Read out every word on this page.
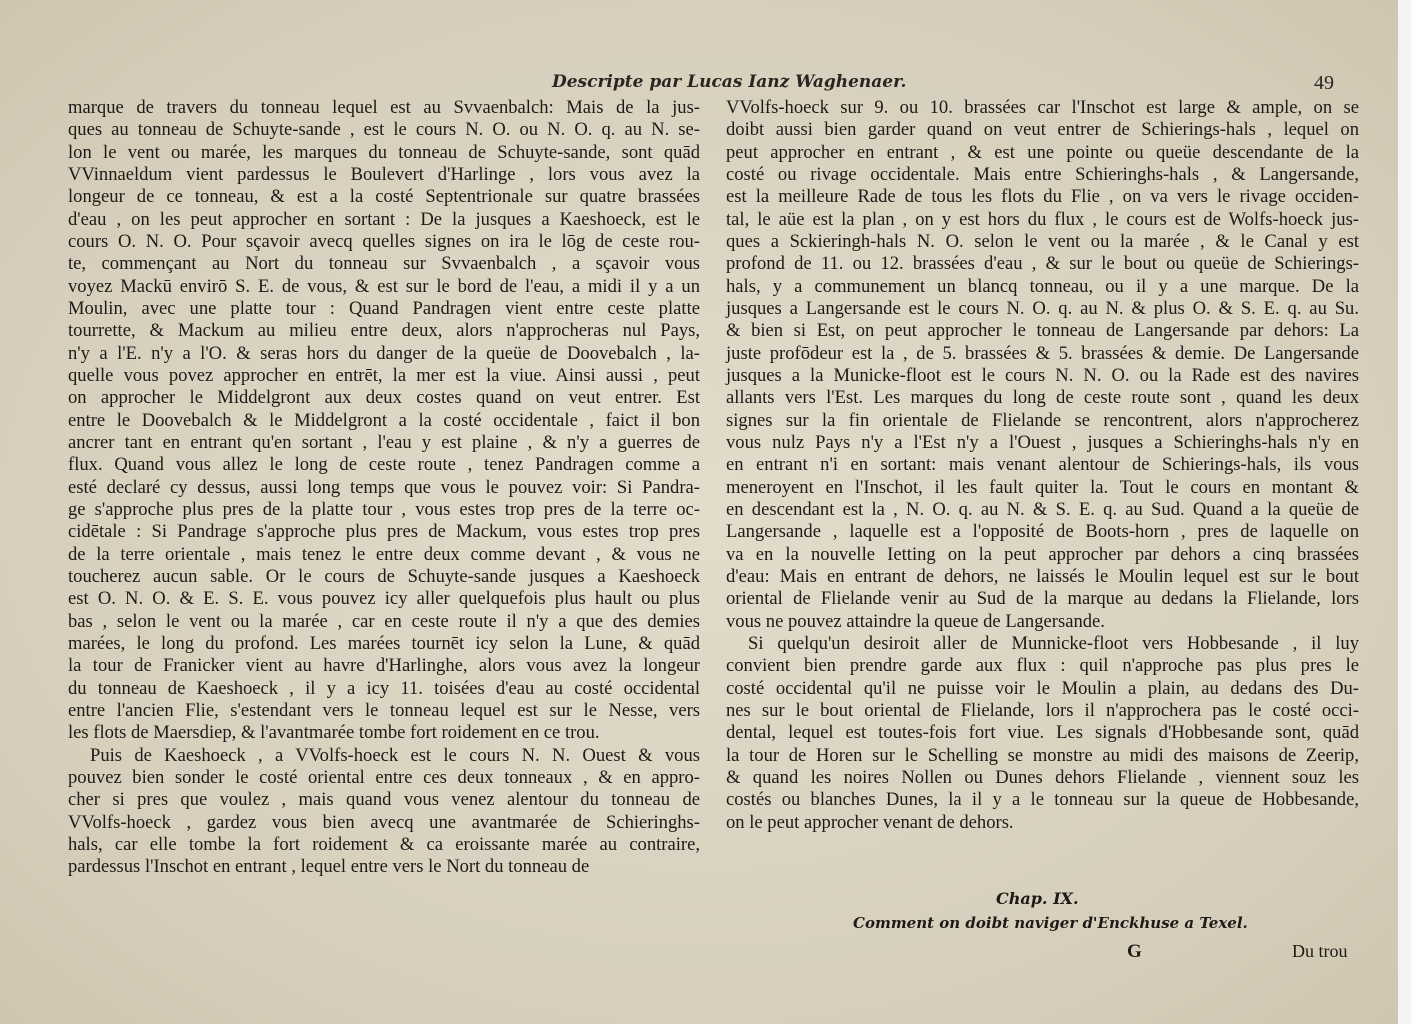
Descripte par Lucas Ianz Waghenaer.	49
marque de travers du tonneau lequel est au Svvaenbalch: Mais de la jus-
ques au tonneau de Schuyte-sande , est le cours N. O. ou N. O. q. au N. se-
lon le vent ou marée, les marques du tonneau de Schuyte-sande, sont quād
VVinnaeldum vient pardessus le Boulevert d'Harlinge , lors vous avez la
longeur de ce tonneau, & est a la costé Septentrionale sur quatre brassées
d'eau , on les peut approcher en sortant : De la jusques a Kaeshoeck, est le
cours O. N. O. Pour sçavoir avecq quelles signes on ira le lōg de ceste rou-
te, commençant au Nort du tonneau sur Svvaenbalch , a sçavoir vous
voyez Mackū envirō S. E. de vous, & est sur le bord de l'eau, a midi il y a un
Moulin, avec une platte tour : Quand Pandragen vient entre ceste platte
tourrette, & Mackum au milieu entre deux, alors n'approcheras nul Pays,
n'y a l'E. n'y a l'O. & seras hors du danger de la queüe de Doovebalch , la-
quelle vous povez approcher en entrēt, la mer est la viue. Ainsi aussi , peut
on approcher le Middelgront aux deux costes quand on veut entrer. Est
entre le Doovebalch & le Middelgront a la costé occidentale , faict il bon
ancrer tant en entrant qu'en sortant , l'eau y est plaine , & n'y a guerres de
flux. Quand vous allez le long de ceste route , tenez Pandragen comme a
esté declaré cy dessus, aussi long temps que vous le pouvez voir: Si Pandra-
ge s'approche plus pres de la platte tour , vous estes trop pres de la terre oc-
cidētale : Si Pandrage s'approche plus pres de Mackum, vous estes trop pres
de la terre orientale , mais tenez le entre deux comme devant , & vous ne
toucherez aucun sable. Or le cours de Schuyte-sande jusques a Kaeshoeck
est O. N. O. & E. S. E. vous pouvez icy aller quelquefois plus hault ou plus
bas , selon le vent ou la marée , car en ceste route il n'y a que des demies
marées, le long du profond. Les marées tournēt icy selon la Lune, & quād
la tour de Franicker vient au havre d'Harlinghe, alors vous avez la longeur
du tonneau de Kaeshoeck , il y a icy 11. toisées d'eau au costé occidental
entre l'ancien Flie, s'estendant vers le tonneau lequel est sur le Nesse, vers
les flots de Maersdiep, & l'avantmarée tombe fort roidement en ce trou.
Puis de Kaeshoeck , a VVolfs-hoeck est le cours N. N. Ouest & vous
pouvez bien sonder le costé oriental entre ces deux tonneaux , & en appro-
cher si pres que voulez , mais quand vous venez alentour du tonneau de
VVolfs-hoeck , gardez vous bien avecq une avantmarée de Schieringhs-
hals, car elle tombe la fort roidement & ca eroissante marée au contraire,
pardessus l'Inschot en entrant , lequel entre vers le Nort du tonneau de
VVolfs-hoeck sur 9. ou 10. brassées car l'Inschot est large & ample, on se
doibt aussi bien garder quand on veut entrer de Schierings-hals , lequel on
peut approcher en entrant , & est une pointe ou queüe descendante de la
costé ou rivage occidentale. Mais entre Schieringhs-hals , & Langersande,
est la meilleure Rade de tous les flots du Flie , on va vers le rivage occiden-
tal, le aüe est la plan , on y est hors du flux , le cours est de Wolfs-hoeck jus-
ques a Sckieringh-hals N. O. selon le vent ou la marée , & le Canal y est
profond de 11. ou 12. brassées d'eau , & sur le bout ou queüe de Schierings-
hals, y a communement un blancq tonneau, ou il y a une marque. De la
jusques a Langersande est le cours N. O. q. au N. & plus O. & S. E. q. au Su.
& bien si Est, on peut approcher le tonneau de Langersande par dehors: La
juste profōdeur est la , de 5. brassées & 5. brassées & demie. De Langersande
jusques a la Municke-floot est le cours N. N. O. ou la Rade est des navires
allants vers l'Est. Les marques du long de ceste route sont , quand les deux
signes sur la fin orientale de Flielande se rencontrent, alors n'approcherez
vous nulz Pays n'y a l'Est n'y a l'Ouest , jusques a Schieringhs-hals n'y en
en entrant n'i en sortant: mais venant alentour de Schierings-hals, ils vous
meneroyent en l'Inschot, il les fault quiter la. Tout le cours en montant &
en descendant est la , N. O. q. au N. & S. E. q. au Sud. Quand a la queüe de
Langersande , laquelle est a l'opposité de Boots-horn , pres de laquelle on
va en la nouvelle Ietting on la peut approcher par dehors a cinq brassées
d'eau: Mais en entrant de dehors, ne laissés le Moulin lequel est sur le bout
oriental de Flielande venir au Sud de la marque au dedans la Flielande, lors
vous ne pouvez attaindre la queue de Langersande.
Si quelqu'un desiroit aller de Munnicke-floot vers Hobbesande , il luy
convient bien prendre garde aux flux : quil n'approche pas plus pres le
costé occidental qu'il ne puisse voir le Moulin a plain, au dedans des Du-
nes sur le bout oriental de Flielande, lors il n'approchera pas le costé occi-
dental, lequel est toutes-fois fort viue. Les signals d'Hobbesande sont, quād
la tour de Horen sur le Schelling se monstre au midi des maisons de Zeerip,
& quand les noires Nollen ou Dunes dehors Flielande , viennent souz les
costés ou blanches Dunes, la il y a le tonneau sur la queue de Hobbesande,
on le peut approcher venant de dehors.
Chap. IX.
Comment on doibt naviger d'Enckhuse a Texel.
G	Du trou
